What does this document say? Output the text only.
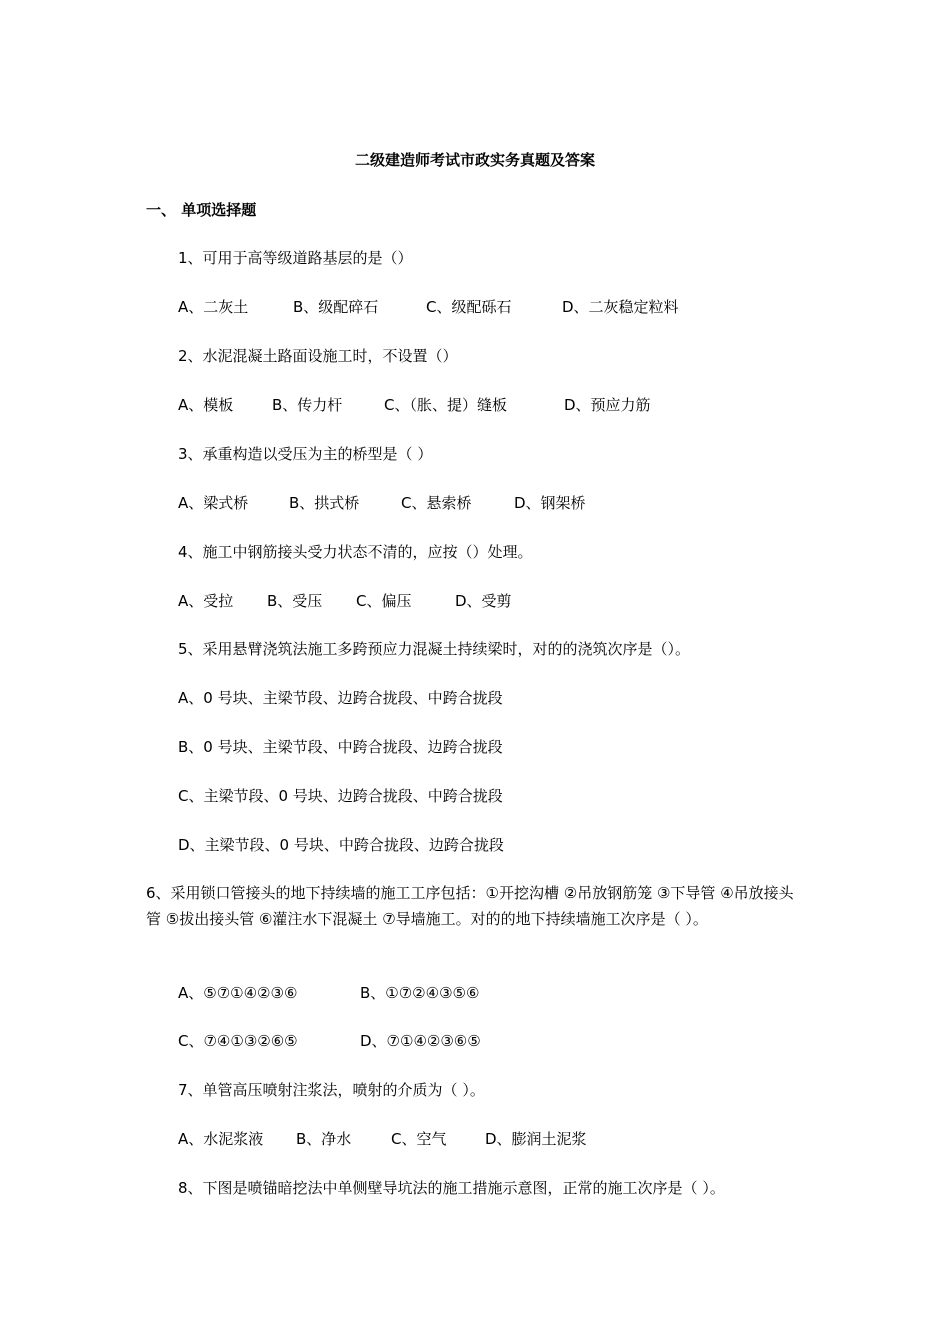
二级建造师考试市政实务真题及答案
一、 单项选择题
1、可用于高等级道路基层的是（）
A、二灰土	B、级配碎石	C、级配砾石	D、二灰稳定粒料
2、水泥混凝土路面设施工时，不设置（）
A、模板	B、传力杆	C、（胀、提）缝板	D、预应力筋
3、承重构造以受压为主的桥型是（ ）
A、梁式桥	B、拱式桥	C、悬索桥	D、钢架桥
4、施工中钢筋接头受力状态不清的，应按（）处理。
A、受拉 B、受压 C、偏压	D、受剪
5、采用悬臂浇筑法施工多跨预应力混凝土持续梁时，对的的浇筑次序是（）。
A、0 号块、主梁节段、边跨合拢段、中跨合拢段
B、0 号块、主梁节段、中跨合拢段、边跨合拢段
C、主梁节段、0 号块、边跨合拢段、中跨合拢段
D、主梁节段、0 号块、中跨合拢段、边跨合拢段
6、采用锁口管接头的地下持续墙的施工工序包括：①开挖沟槽 ②吊放钢筋笼 ③下导管 ④吊放接头管 ⑤拔出接头管 ⑥灌注水下混凝土 ⑦导墙施工。对的的地下持续墙施工次序是（ ）。
A、⑤⑦①④②③⑥	B、①⑦②④③⑤⑥
C、⑦④①③②⑥⑤	D、⑦①④②③⑥⑤
7、单管高压喷射注浆法，喷射的介质为（ ）。
A、水泥浆液 B、净水	C、空气	D、膨润土泥浆
8、下图是喷锚暗挖法中单侧壁导坑法的施工措施示意图，正常的施工次序是（ ）。
